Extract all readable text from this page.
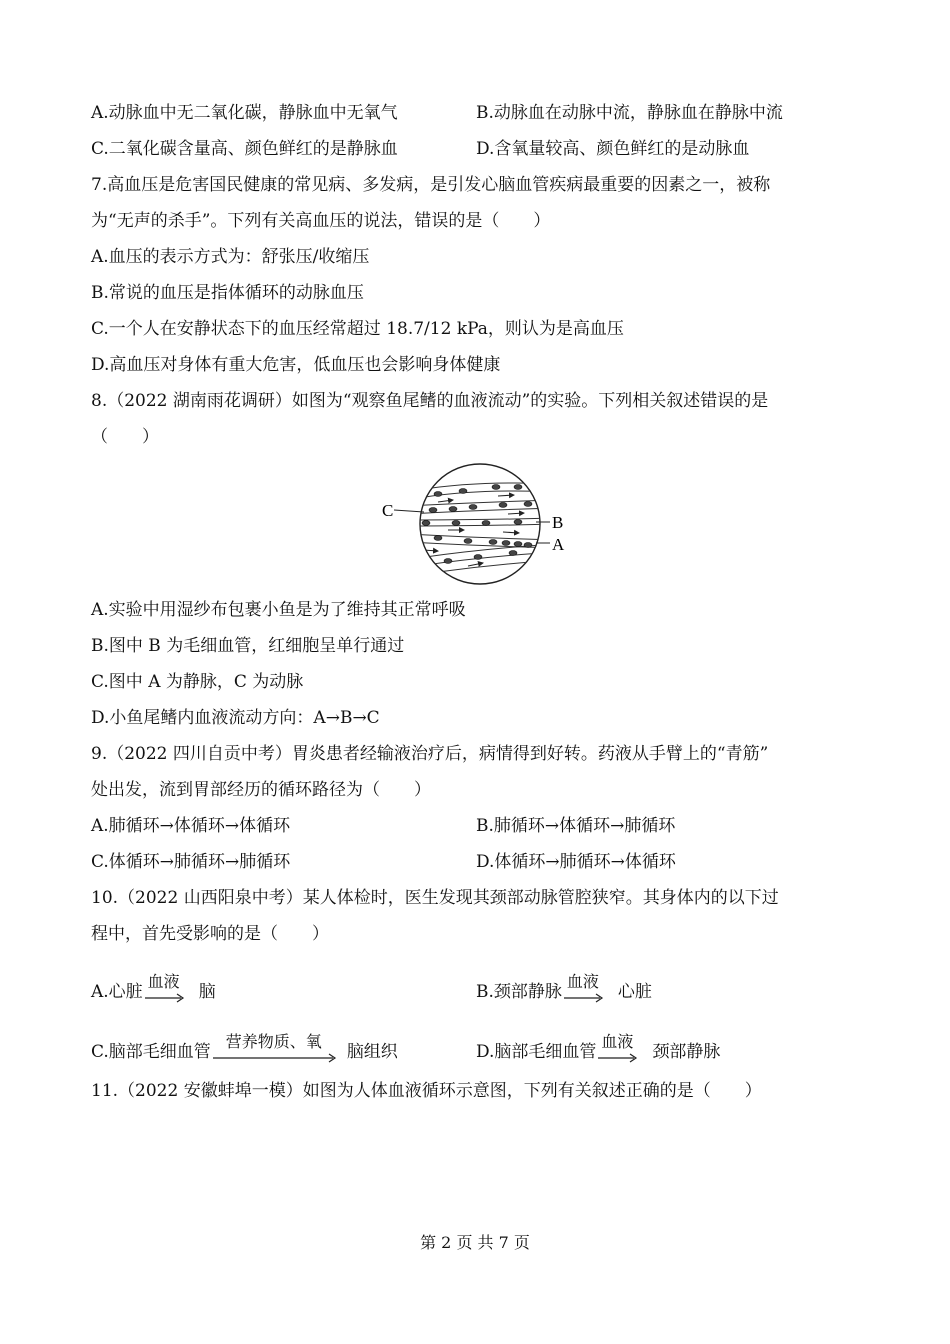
A.动脉血中无二氧化碳，静脉血中无氧气	B.动脉血在动脉中流，静脉血在静脉中流
C.二氧化碳含量高、颜色鲜红的是静脉血	D.含氧量较高、颜色鲜红的是动脉血
7.高血压是危害国民健康的常见病、多发病，是引发心脑血管疾病最重要的因素之一，被称
为“无声的杀手”。下列有关高血压的说法，错误的是（　　）
A.血压的表示方式为：舒张压/收缩压
B.常说的血压是指体循环的动脉血压
C.一个人在安静状态下的血压经常超过 18.7/12 kPa，则认为是高血压
D.高血压对身体有重大危害，低血压也会影响身体健康
8.（2022 湖南雨花调研）如图为“观察鱼尾鳍的血液流动”的实验。下列相关叙述错误的是
（　　）
C
B
A
A.实验中用湿纱布包裹小鱼是为了维持其正常呼吸
B.图中 B 为毛细血管，红细胞呈单行通过
C.图中 A 为静脉，C 为动脉
D.小鱼尾鳍内血液流动方向：A→B→C
9.（2022 四川自贡中考）胃炎患者经输液治疗后，病情得到好转。药液从手臂上的“青筋”
处出发，流到胃部经历的循环路径为（　　）
A.肺循环→体循环→体循环	B.肺循环→体循环→肺循环
C.体循环→肺循环→肺循环	D.体循环→肺循环→体循环
10.（2022 山西阳泉中考）某人体检时，医生发现其颈部动脉管腔狭窄。其身体内的以下过
程中，首先受影响的是（　　）
A.心脏
血液
脑	B.颈部静脉
血液
心脏
C.脑部毛细血管
营养物质、氧
脑组织	D.脑部毛细血管
血液
颈部静脉
11.（2022 安徽蚌埠一模）如图为人体血液循环示意图，下列有关叙述正确的是（　　）
第 2 页 共 7 页
